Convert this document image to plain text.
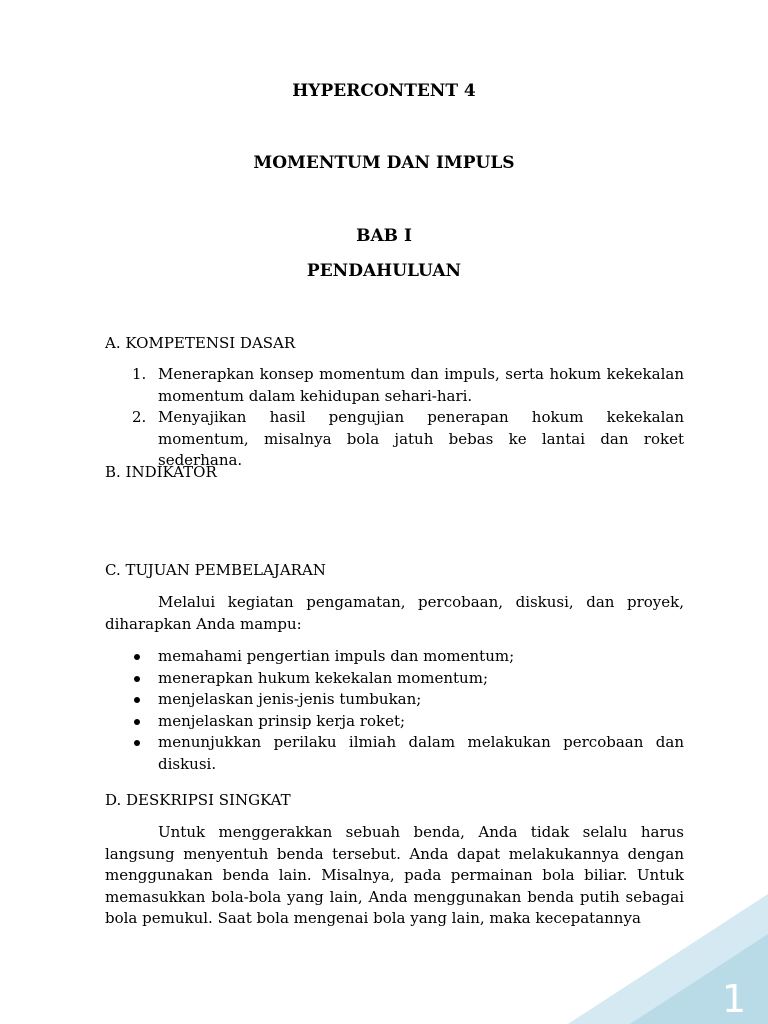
HYPERCONTENT 4
MOMENTUM DAN IMPULS
BAB I
PENDAHULUAN
A. KOMPETENSI DASAR
1. Menerapkan konsep momentum dan impuls, serta hokum kekekalan momentum dalam kehidupan sehari-hari.
2. Menyajikan hasil pengujian penerapan hokum kekekalan momentum, misalnya bola jatuh bebas ke lantai dan roket sederhana.
B. INDIKATOR
C. TUJUAN PEMBELAJARAN

Melalui kegiatan pengamatan, percobaan, diskusi, dan proyek, diharapkan Anda mampu:

memahami pengertian impuls dan momentum;
menerapkan hukum kekekalan momentum;
menjelaskan jenis-jenis tumbukan;
menjelaskan prinsip kerja roket;
menunjukkan perilaku ilmiah dalam melakukan percobaan dan diskusi.
D. DESKRIPSI SINGKAT

Untuk menggerakkan sebuah benda, Anda tidak selalu harus langsung menyentuh benda tersebut. Anda dapat melakukannya dengan menggunakan benda lain. Misalnya, pada permainan bola biliar. Untuk memasukkan bola-bola yang lain, Anda menggunakan benda putih sebagai bola pemukul. Saat bola mengenai bola yang lain, maka kecepatannya

1
